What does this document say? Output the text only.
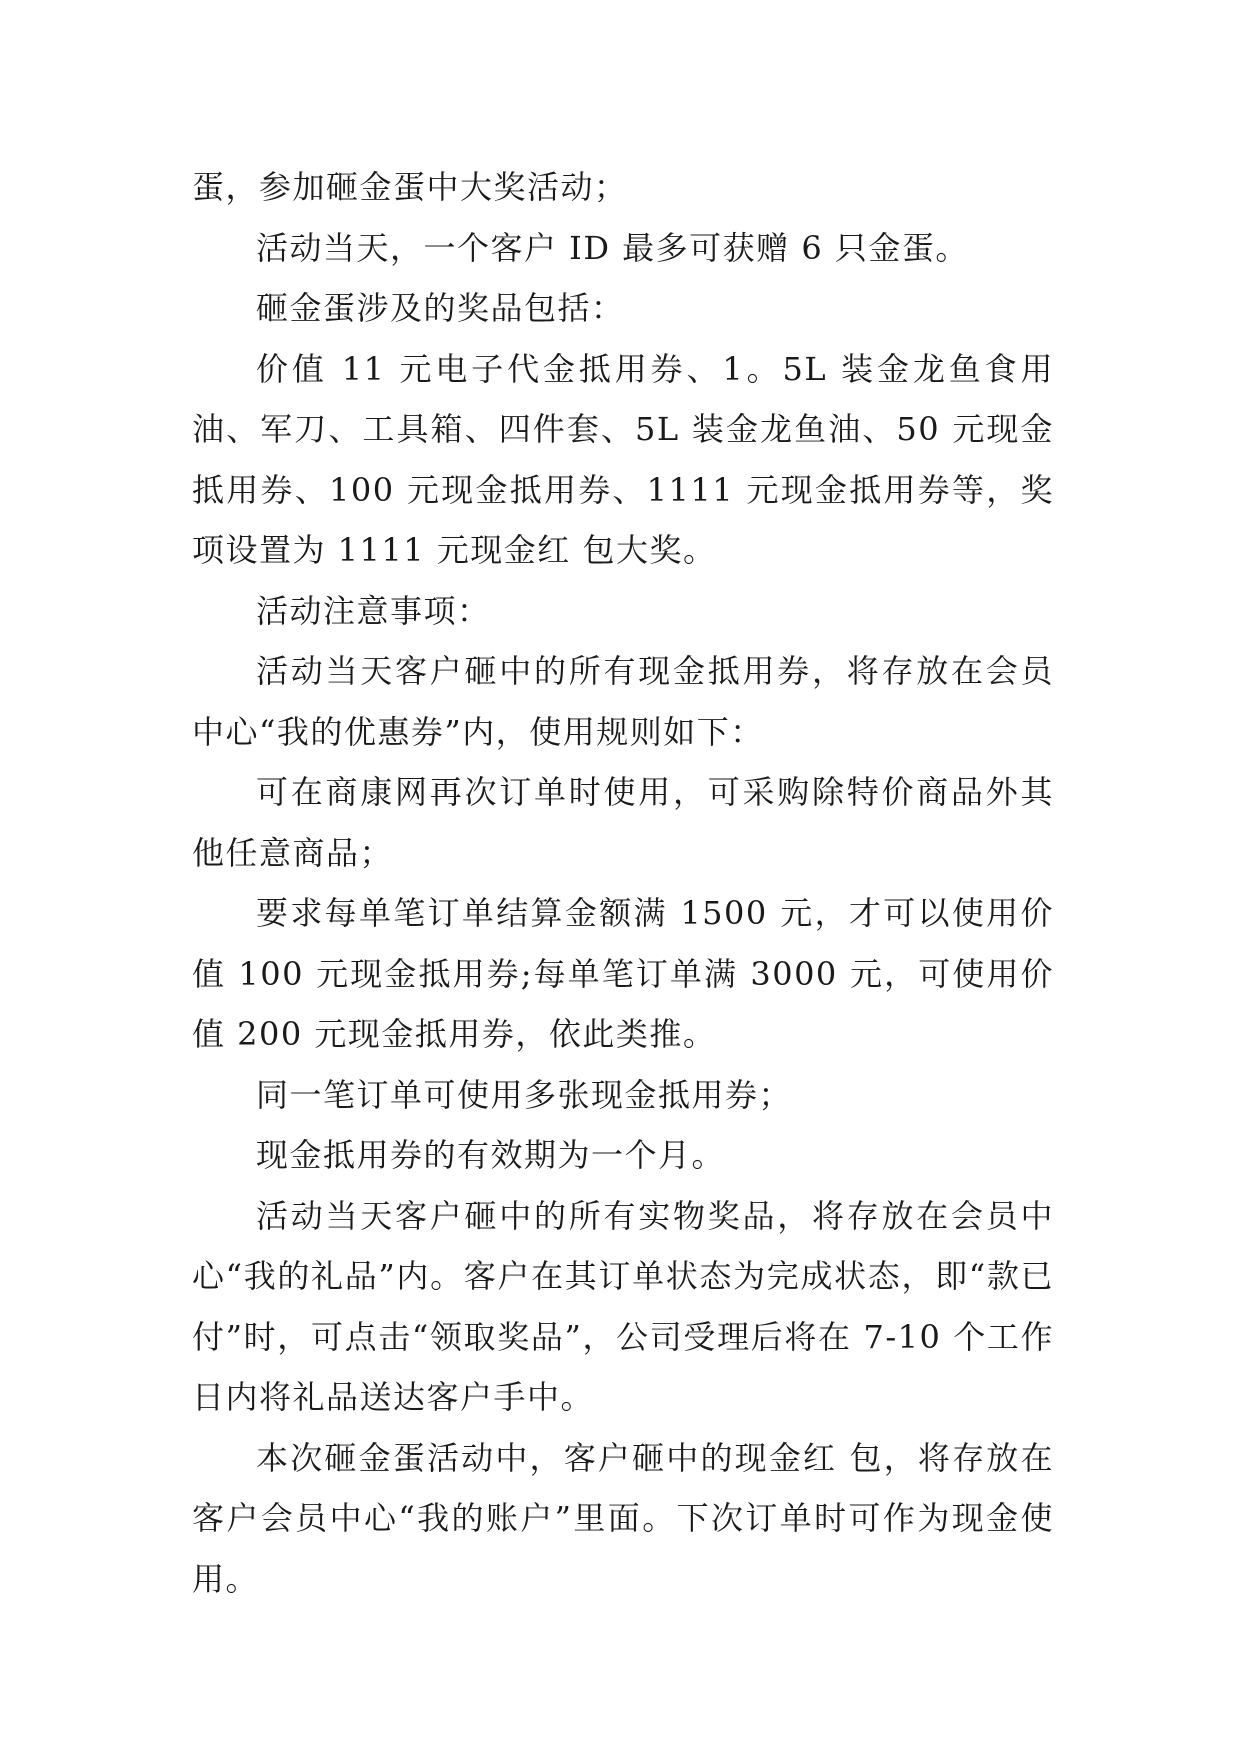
蛋，参加砸金蛋中大奖活动；

活动当天，一个客户 ID 最多可获赠 6 只金蛋。

砸金蛋涉及的奖品包括：

价值 11 元电子代金抵用券、1。5L 装金龙鱼食用油、军刀、工具箱、四件套、5L 装金龙鱼油、50 元现金抵用券、100 元现金抵用券、1111 元现金抵用券等，奖项设置为 1111 元现金红 包大奖。

活动注意事项：

活动当天客户砸中的所有现金抵用券，将存放在会员中心“我的优惠券”内，使用规则如下：

可在商康网再次订单时使用，可采购除特价商品外其他任意商品；

要求每单笔订单结算金额满 1500 元，才可以使用价值 100 元现金抵用券;每单笔订单满 3000 元，可使用价值 200 元现金抵用券，依此类推。

同一笔订单可使用多张现金抵用券；

现金抵用券的有效期为一个月。

活动当天客户砸中的所有实物奖品，将存放在会员中心“我的礼品”内。客户在其订单状态为完成状态，即“款已付”时，可点击“领取奖品”，公司受理后将在 7-10 个工作日内将礼品送达客户手中。

本次砸金蛋活动中，客户砸中的现金红 包，将存放在客户会员中心“我的账户”里面。下次订单时可作为现金使用。
